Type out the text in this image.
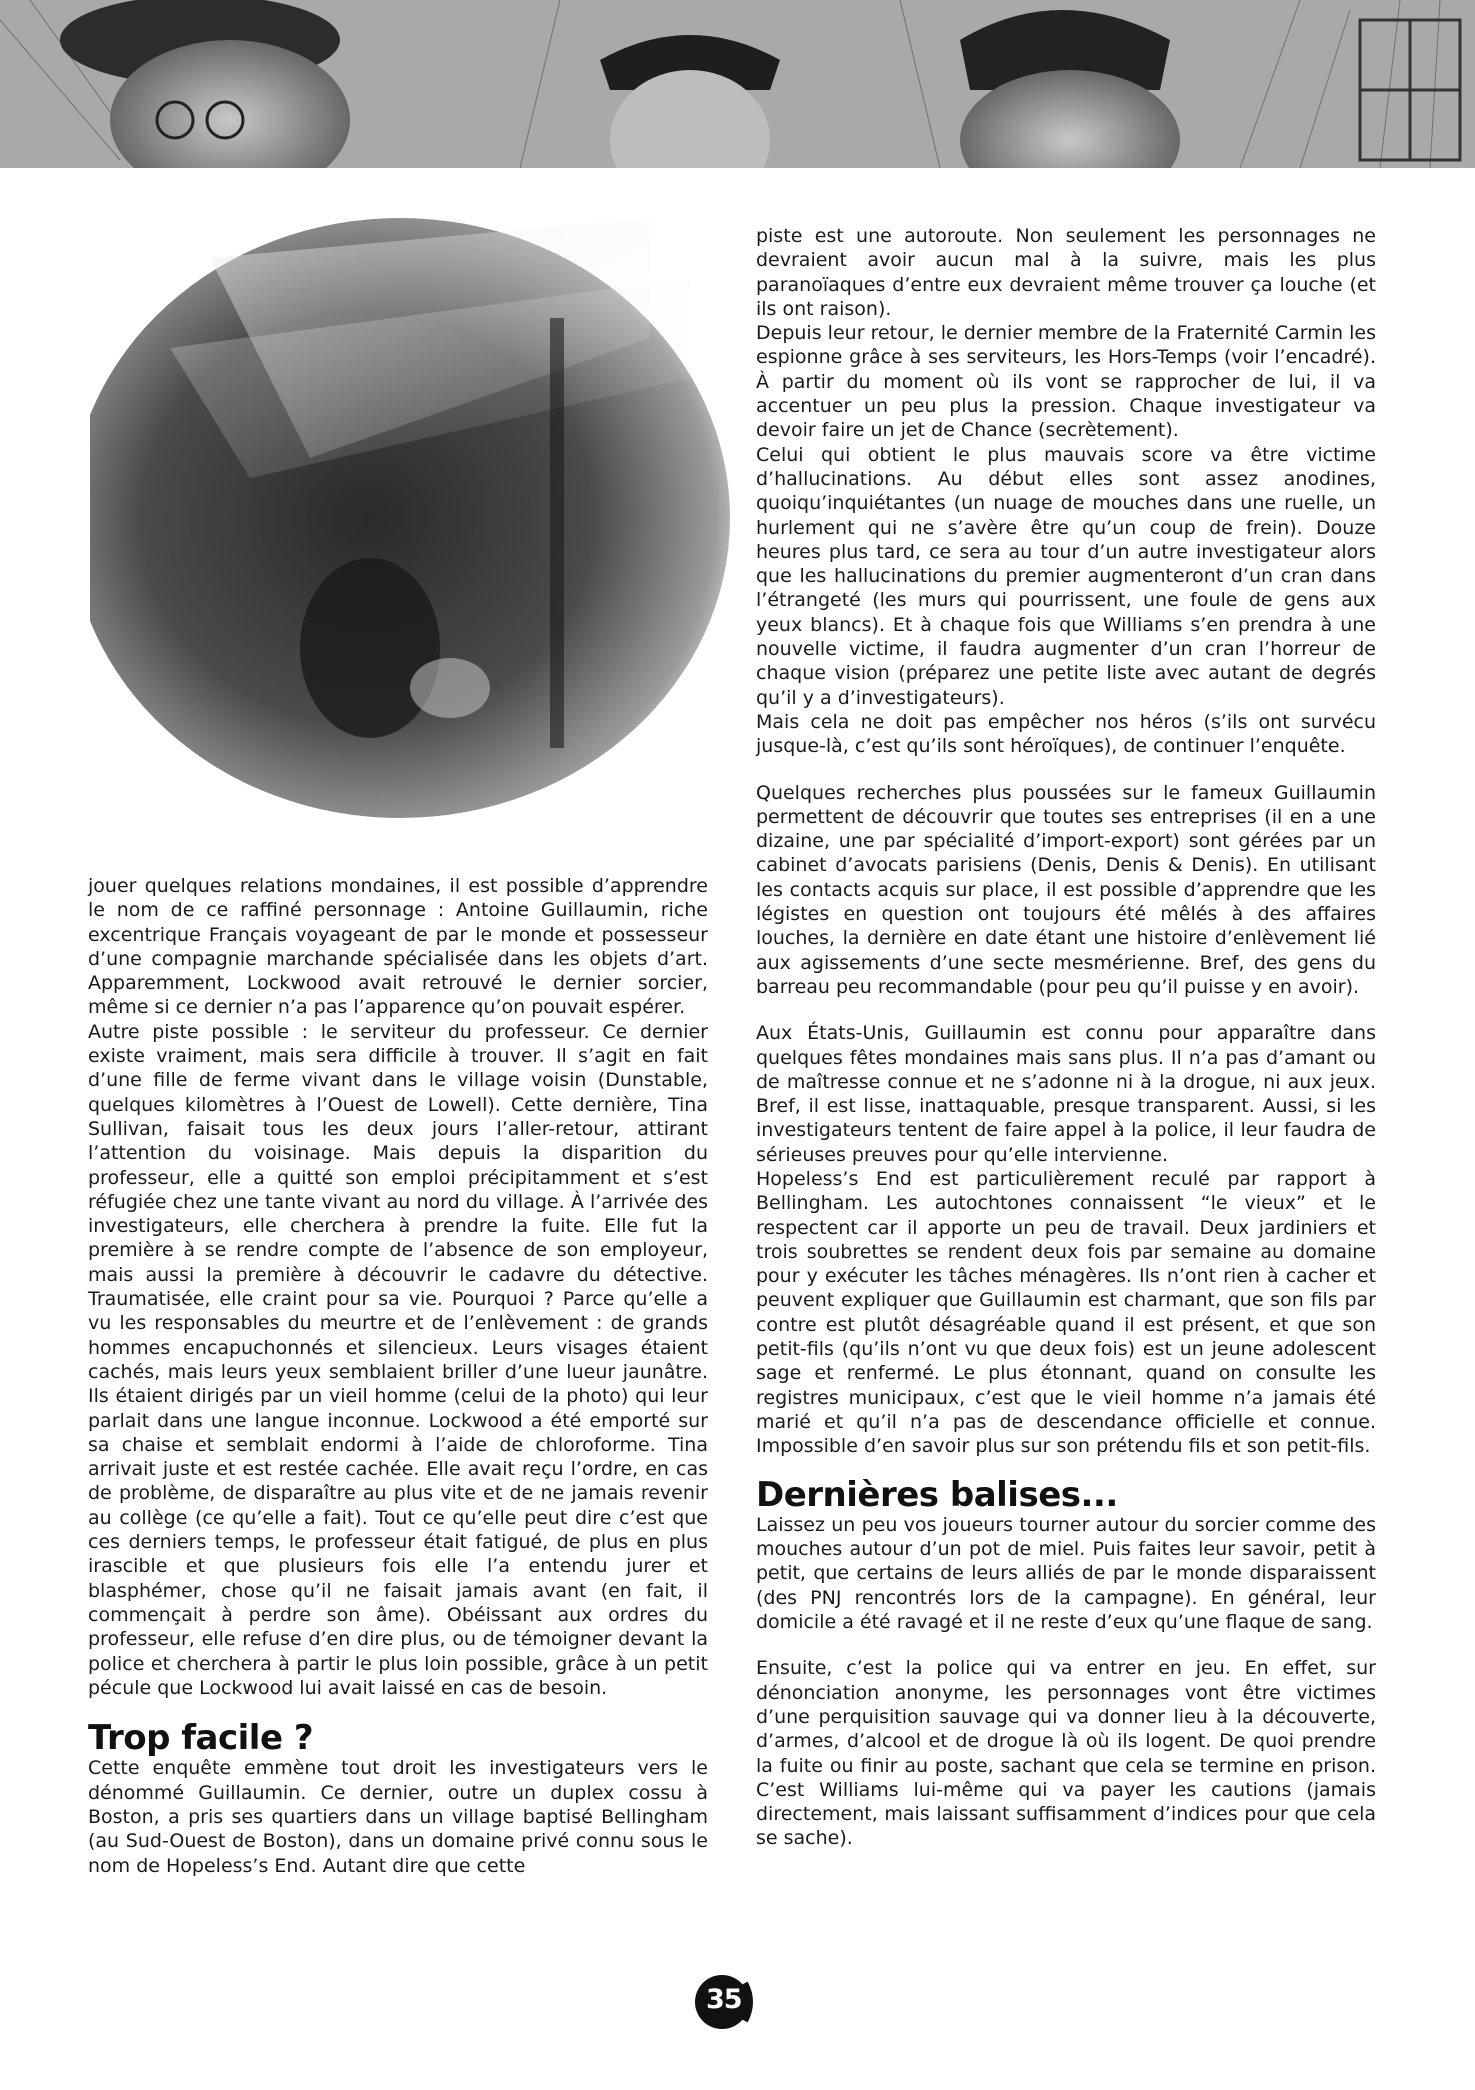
jouer quelques relations mondaines, il est possible d’apprendre le nom de ce raffiné personnage : Antoine Guillaumin, riche excentrique Français voyageant de par le monde et possesseur d’une compagnie marchande spécialisée dans les objets d’art. Apparemment, Lockwood avait retrouvé le dernier sorcier, même si ce dernier n’a pas l’apparence qu’on pouvait espérer.

Autre piste possible : le serviteur du professeur. Ce dernier existe vraiment, mais sera difficile à trouver. Il s’agit en fait d’une fille de ferme vivant dans le village voisin (Dunstable, quelques kilomètres à l’Ouest de Lowell). Cette dernière, Tina Sullivan, faisait tous les deux jours l’aller-retour, attirant l’attention du voisinage. Mais depuis la disparition du professeur, elle a quitté son emploi précipitamment et s’est réfugiée chez une tante vivant au nord du village. À l’arrivée des investigateurs, elle cherchera à prendre la fuite. Elle fut la première à se rendre compte de l’absence de son employeur, mais aussi la première à découvrir le cadavre du détective. Traumatisée, elle craint pour sa vie. Pourquoi ? Parce qu’elle a vu les responsables du meurtre et de l’enlèvement : de grands hommes encapuchonnés et silencieux. Leurs visages étaient cachés, mais leurs yeux semblaient briller d’une lueur jaunâtre. Ils étaient dirigés par un vieil homme (celui de la photo) qui leur parlait dans une langue inconnue. Lockwood a été emporté sur sa chaise et semblait endormi à l’aide de chloroforme. Tina arrivait juste et est restée cachée. Elle avait reçu l’ordre, en cas de problème, de disparaître au plus vite et de ne jamais revenir au collège (ce qu’elle a fait). Tout ce qu’elle peut dire c’est que ces derniers temps, le professeur était fatigué, de plus en plus irascible et que plusieurs fois elle l’a entendu jurer et blasphémer, chose qu’il ne faisait jamais avant (en fait, il commençait à perdre son âme). Obéissant aux ordres du professeur, elle refuse d’en dire plus, ou de témoigner devant la police et cherchera à partir le plus loin possible, grâce à un petit pécule que Lockwood lui avait laissé en cas de besoin.

Trop facile ?

Cette enquête emmène tout droit les investigateurs vers le dénommé Guillaumin. Ce dernier, outre un duplex cossu à Boston, a pris ses quartiers dans un village baptisé Bellingham (au Sud-Ouest de Boston), dans un domaine privé connu sous le nom de Hopeless’s End. Autant dire que cette

piste est une autoroute. Non seulement les personnages ne devraient avoir aucun mal à la suivre, mais les plus paranoïaques d’entre eux devraient même trouver ça louche (et ils ont raison).

Depuis leur retour, le dernier membre de la Fraternité Carmin les espionne grâce à ses serviteurs, les Hors-Temps (voir l’encadré). À partir du moment où ils vont se rapprocher de lui, il va accentuer un peu plus la pression. Chaque investigateur va devoir faire un jet de Chance (secrètement).

Celui qui obtient le plus mauvais score va être victime d’hallucinations. Au début elles sont assez anodines, quoiqu’inquiétantes (un nuage de mouches dans une ruelle, un hurlement qui ne s’avère être qu’un coup de frein). Douze heures plus tard, ce sera au tour d’un autre investigateur alors que les hallucinations du premier augmenteront d’un cran dans l’étrangeté (les murs qui pourrissent, une foule de gens aux yeux blancs). Et à chaque fois que Williams s’en prendra à une nouvelle victime, il faudra augmenter d’un cran l’horreur de chaque vision (préparez une petite liste avec autant de degrés qu’il y a d’investigateurs).

Mais cela ne doit pas empêcher nos héros (s’ils ont survécu jusque-là, c’est qu’ils sont héroïques), de continuer l’enquête.

Quelques recherches plus poussées sur le fameux Guillaumin permettent de découvrir que toutes ses entreprises (il en a une dizaine, une par spécialité d’import-export) sont gérées par un cabinet d’avocats parisiens (Denis, Denis & Denis). En utilisant les contacts acquis sur place, il est possible d’apprendre que les légistes en question ont toujours été mêlés à des affaires louches, la dernière en date étant une histoire d’enlèvement lié aux agissements d’une secte mesmérienne. Bref, des gens du barreau peu recommandable (pour peu qu’il puisse y en avoir).

Aux États-Unis, Guillaumin est connu pour apparaître dans quelques fêtes mondaines mais sans plus. Il n’a pas d’amant ou de maîtresse connue et ne s’adonne ni à la drogue, ni aux jeux. Bref, il est lisse, inattaquable, presque transparent. Aussi, si les investigateurs tentent de faire appel à la police, il leur faudra de sérieuses preuves pour qu’elle intervienne.

Hopeless’s End est particulièrement reculé par rapport à Bellingham. Les autochtones connaissent “le vieux” et le respectent car il apporte un peu de travail. Deux jardiniers et trois soubrettes se rendent deux fois par semaine au domaine pour y exécuter les tâches ménagères. Ils n’ont rien à cacher et peuvent expliquer que Guillaumin est charmant, que son fils par contre est plutôt désagréable quand il est présent, et que son petit-fils (qu’ils n’ont vu que deux fois) est un jeune adolescent sage et renfermé. Le plus étonnant, quand on consulte les registres municipaux, c’est que le vieil homme n’a jamais été marié et qu’il n’a pas de descendance officielle et connue. Impossible d’en savoir plus sur son prétendu fils et son petit-fils.

Dernières balises...

Laissez un peu vos joueurs tourner autour du sorcier comme des mouches autour d’un pot de miel. Puis faites leur savoir, petit à petit, que certains de leurs alliés de par le monde disparaissent (des PNJ rencontrés lors de la campagne). En général, leur domicile a été ravagé et il ne reste d’eux qu’une flaque de sang.

Ensuite, c’est la police qui va entrer en jeu. En effet, sur dénonciation anonyme, les personnages vont être victimes d’une perquisition sauvage qui va donner lieu à la découverte, d’armes, d’alcool et de drogue là où ils logent. De quoi prendre la fuite ou finir au poste, sachant que cela se termine en prison. C’est Williams lui-même qui va payer les cautions (jamais directement, mais laissant suffisamment d’indices pour que cela se sache).

35
